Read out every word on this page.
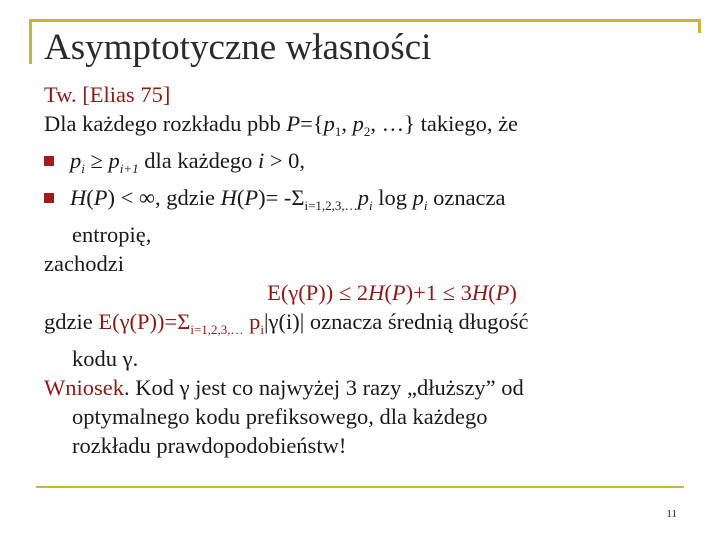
Asymptotyczne własności
Tw. [Elias 75]
Dla każdego rozkładu pbb $P=\{p_1$, $p_2$, …} takiego, że
$p_i \ge p_{i+1}$ dla każdego i > 0,
H(P) < ∞, gdzie $H(P)= -\Sigma_{i=1,2,3,\dots}p_i$ $\log p_i$ oznacza
entropię,
zachodzi
E(γ(P)) ≤ 2H(P)+1 ≤ 3H(P)
gdzie $E(\gamma(P))=\Sigma_{i=1,2,3,\dots}$ $p_i|\gamma(i)|$ oznacza średnią długość
kodu γ.
Wniosek. Kod γ jest co najwyżej 3 razy „dłuższy” od
optymalnego kodu prefiksowego, dla każdego
rozkładu prawdopodobieństw!
11
